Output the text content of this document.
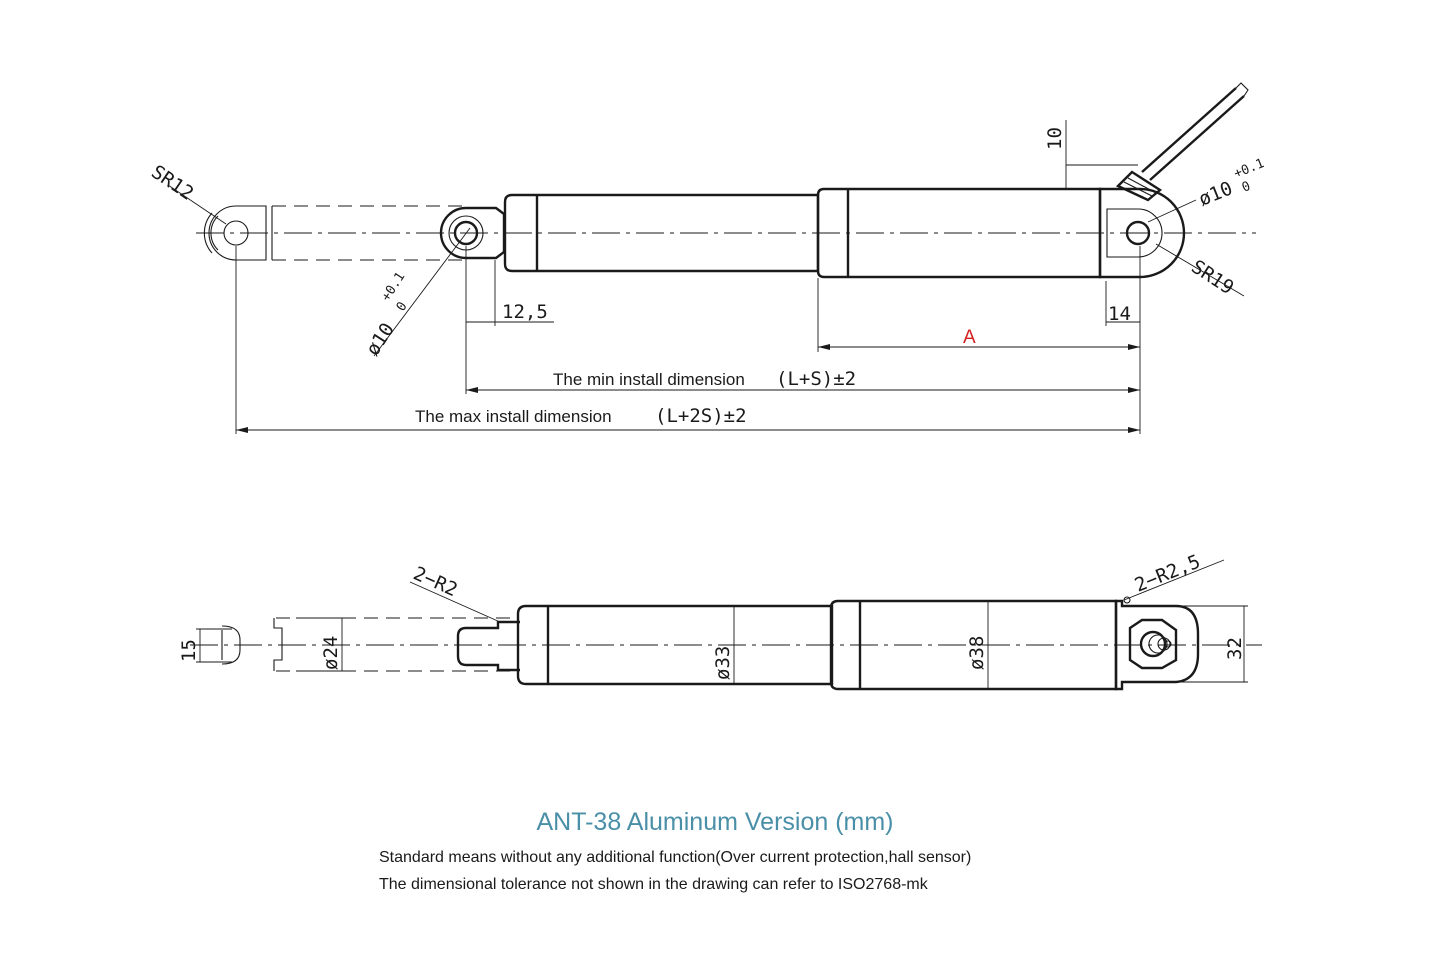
SR12
ø10
+0.1
0	12,5
10
ø10
+0.1
0
SR19
14
A
The min install dimension (L+S)±2
The max install dimension (L+2S)±2
15	ø24
2−R2
ø33	ø38
2−R2,5
32
ANT-38 Aluminum Version (mm)
Standard means without any additional function(Over current protection,hall sensor)
The dimensional tolerance not shown in the drawing can refer to ISO2768-mk
